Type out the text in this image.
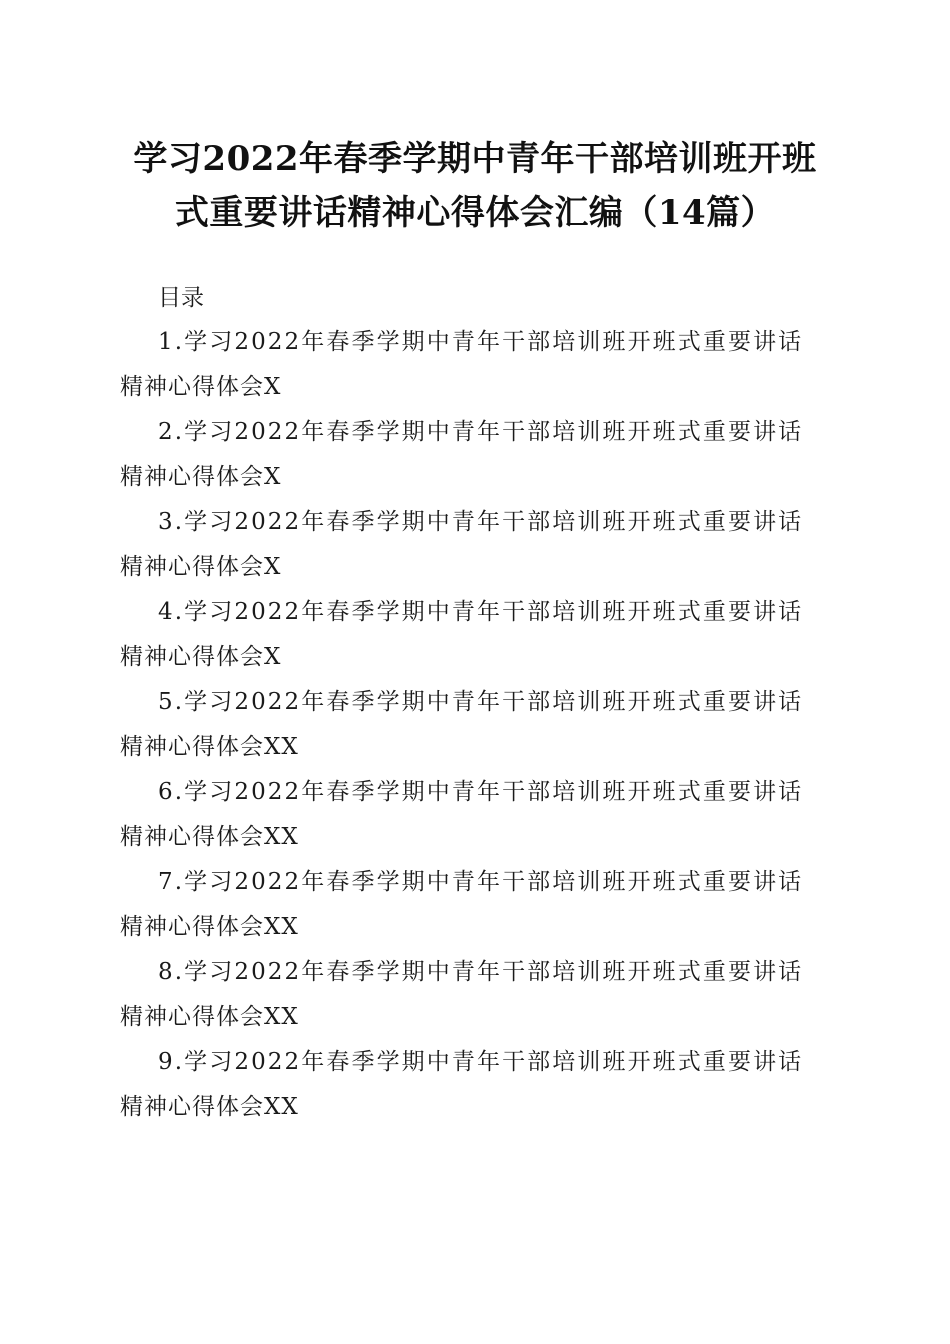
学习2022年春季学期中青年干部培训班开班
式重要讲话精神心得体会汇编（14篇）
目录
1.学习2022年春季学期中青年干部培训班开班式重要讲话
精神心得体会X
2.学习2022年春季学期中青年干部培训班开班式重要讲话
精神心得体会X
3.学习2022年春季学期中青年干部培训班开班式重要讲话
精神心得体会X
4.学习2022年春季学期中青年干部培训班开班式重要讲话
精神心得体会X
5.学习2022年春季学期中青年干部培训班开班式重要讲话
精神心得体会XX
6.学习2022年春季学期中青年干部培训班开班式重要讲话
精神心得体会XX
7.学习2022年春季学期中青年干部培训班开班式重要讲话
精神心得体会XX
8.学习2022年春季学期中青年干部培训班开班式重要讲话
精神心得体会XX
9.学习2022年春季学期中青年干部培训班开班式重要讲话
精神心得体会XX
